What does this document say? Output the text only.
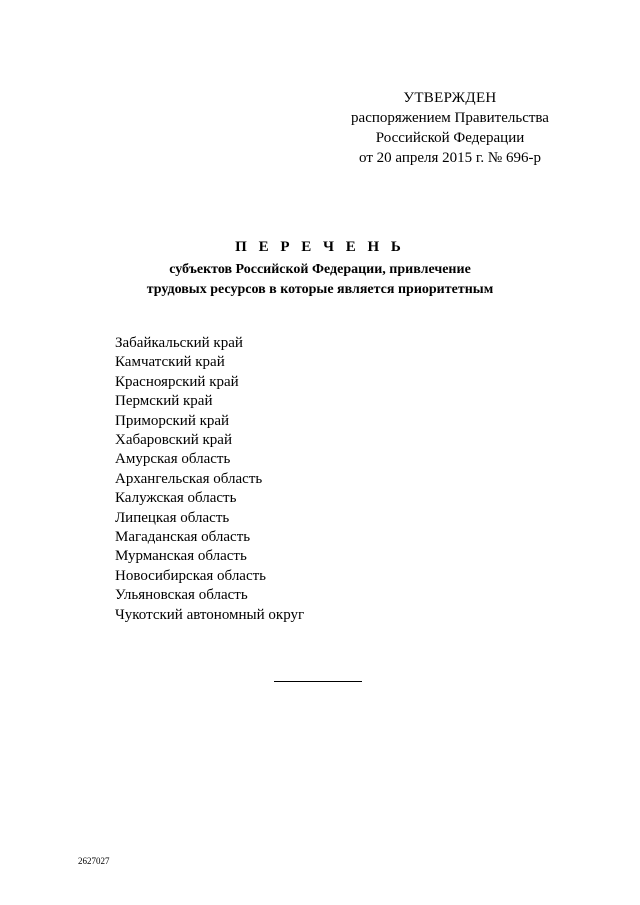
УТВЕРЖДЕН
распоряжением Правительства
Российской Федерации
от 20 апреля 2015 г. № 696-р
П Е Р Е Ч Е Н Ь
субъектов Российской Федерации, привлечение
трудовых ресурсов в которые является приоритетным
Забайкальский край
Камчатский край
Красноярский край
Пермский край
Приморский край
Хабаровский край
Амурская область
Архангельская область
Калужская область
Липецкая область
Магаданская область
Мурманская область
Новосибирская область
Ульяновская область
Чукотский автономный округ
2627027
